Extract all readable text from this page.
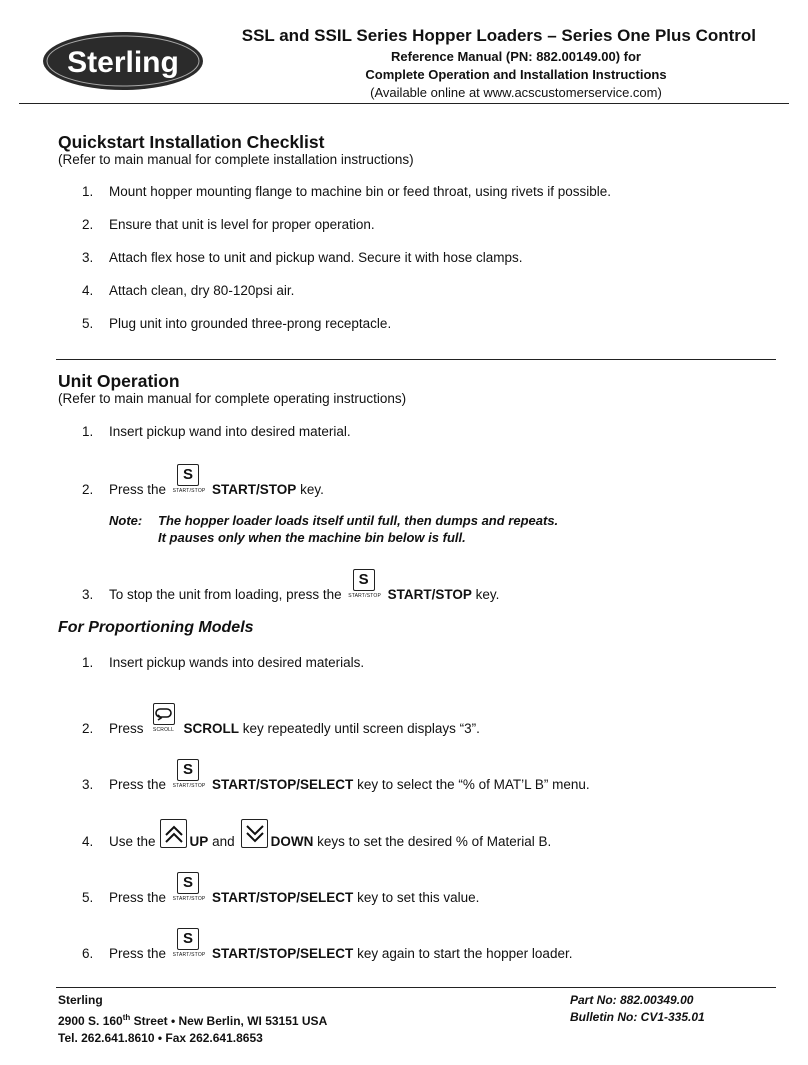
Sterling
SSL and SSIL Series Hopper Loaders – Series One Plus Control
Reference Manual (PN: 882.00149.00) for
Complete Operation and Installation Instructions
(Available online at www.acscustomerservice.com)
Quickstart Installation Checklist
(Refer to main manual for complete installation instructions)
1. Mount hopper mounting flange to machine bin or feed throat, using rivets if possible.
2. Ensure that unit is level for proper operation.
3. Attach flex hose to unit and pickup wand. Secure it with hose clamps.
4. Attach clean, dry 80-120psi air.
5. Plug unit into grounded three-prong receptacle.
Unit Operation
(Refer to main manual for complete operating instructions)
1. Insert pickup wand into desired material.
2. Press the
S
START/STOP START/STOP key.
Note: The hopper loader loads itself until full, then dumps and repeats.
It pauses only when the machine bin below is full.
3. To stop the unit from loading, press the
S
START/STOP START/STOP key.
For Proportioning Models
1. Insert pickup wands into desired materials.
2. Press	SCROLL SCROLL key repeatedly until screen displays “3”.
3. Press the
S
START/STOP START/STOP/SELECT key to select the “% of MAT’L B” menu.
4. Use the	UP and	DOWN keys to set the desired % of Material B.
5. Press the
S
START/STOP START/STOP/SELECT key to set this value.
6. Press the
S
START/STOP START/STOP/SELECT key again to start the hopper loader.
Sterling
2900 S. 160th Street • New Berlin, WI 53151 USA
Tel. 262.641.8610 • Fax 262.641.8653
Part No: 882.00349.00
Bulletin No: CV1-335.01
